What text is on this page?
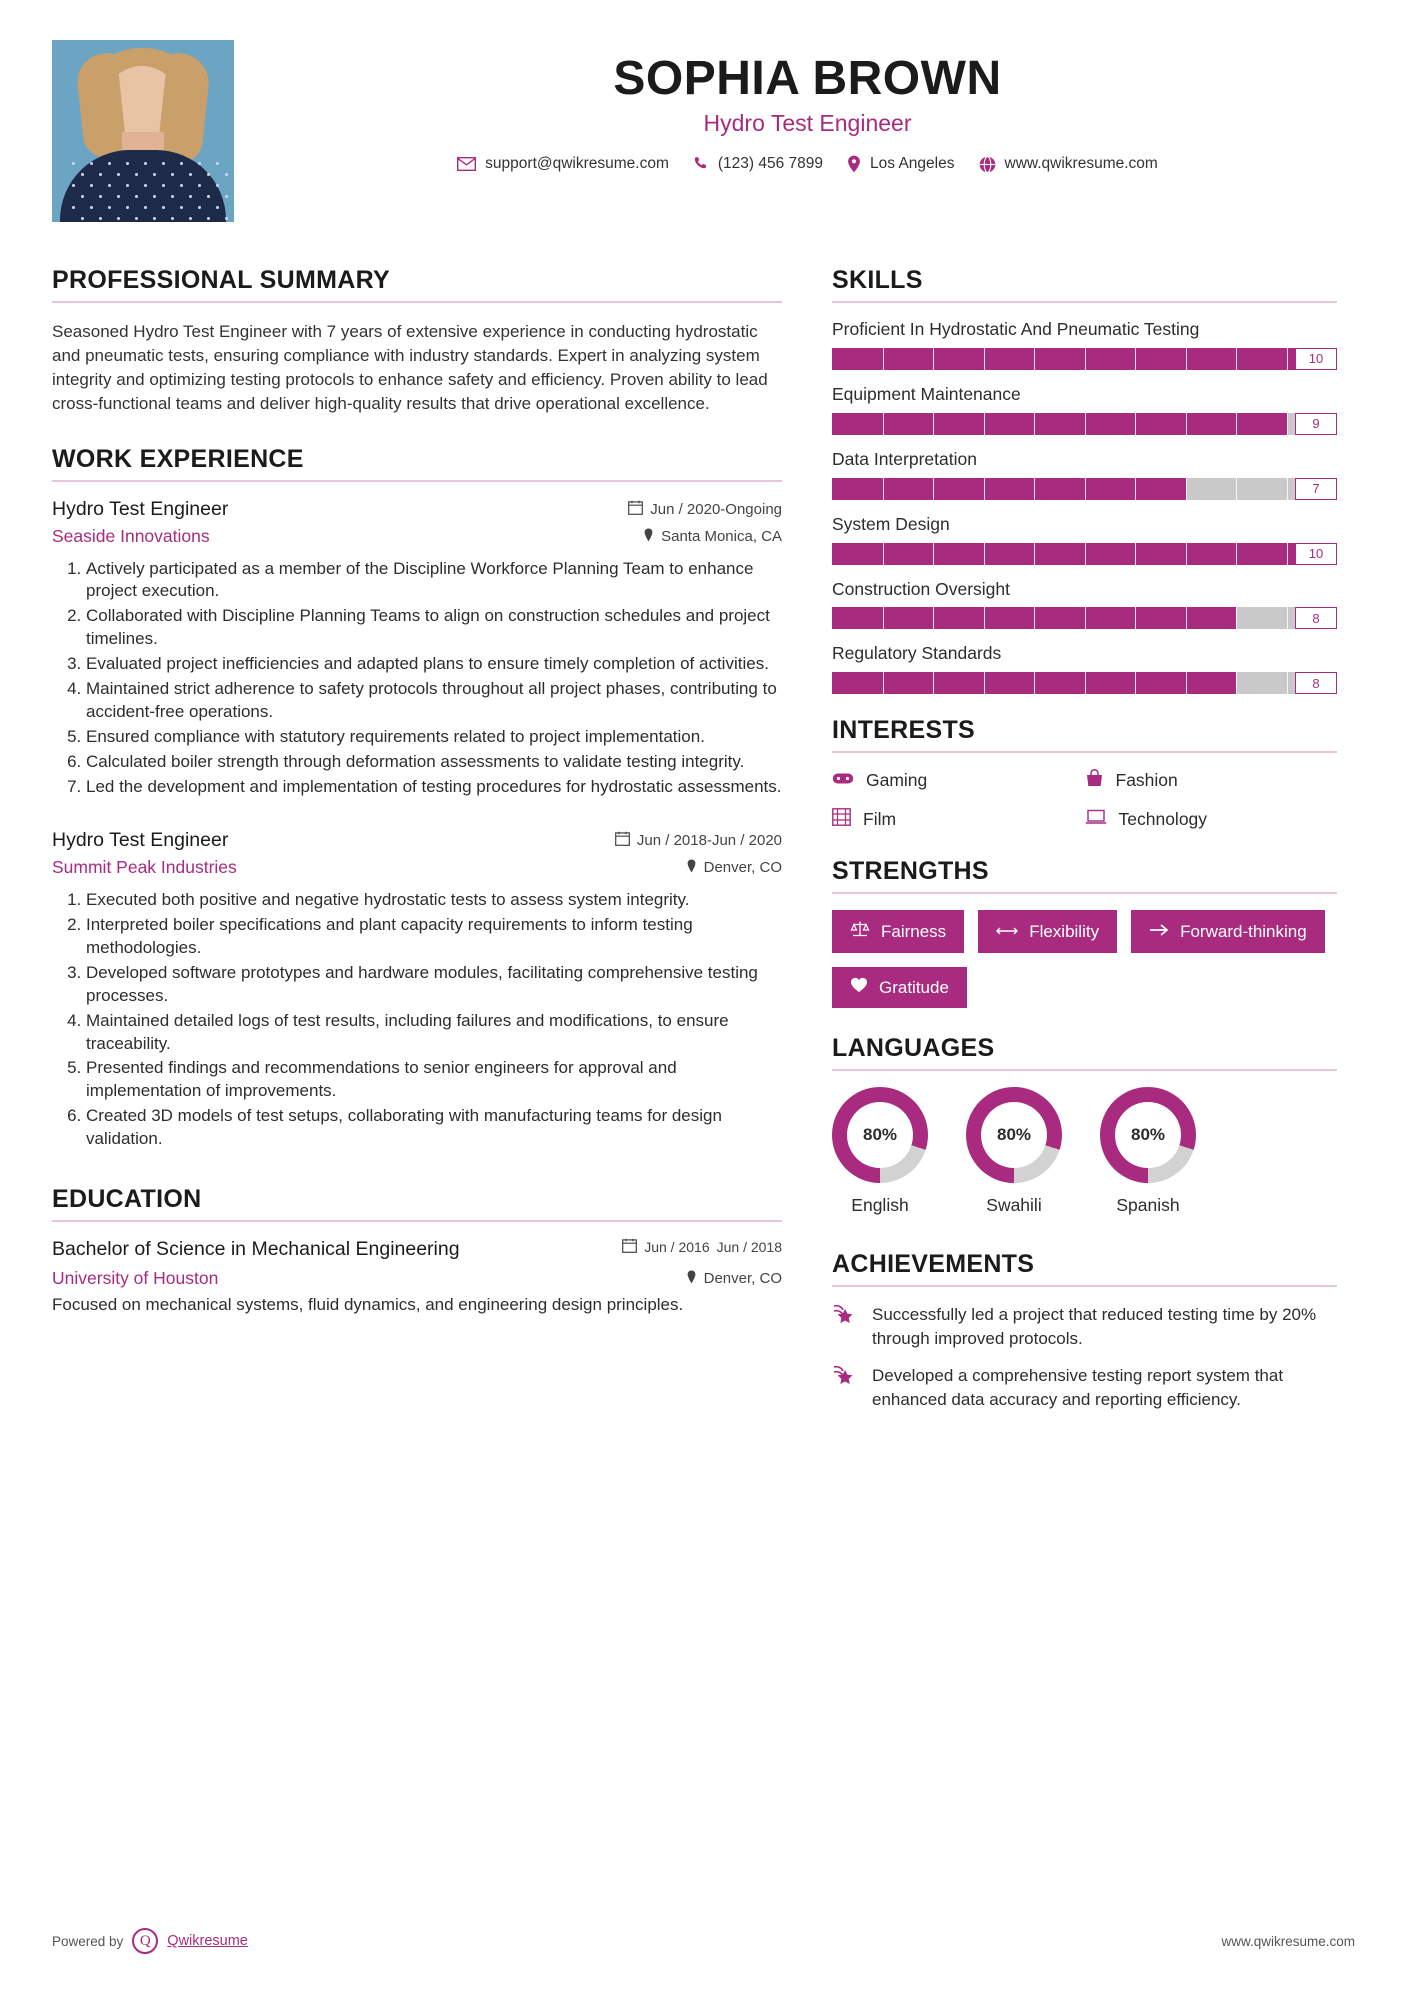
SOPHIA BROWN
Hydro Test Engineer
support@qwikresume.com	(123) 456 7899	Los Angeles	www.qwikresume.com
PROFESSIONAL SUMMARY

Seasoned Hydro Test Engineer with 7 years of extensive experience in conducting hydrostatic and pneumatic tests, ensuring compliance with industry standards. Expert in analyzing system integrity and optimizing testing protocols to enhance safety and efficiency. Proven ability to lead cross-functional teams and deliver high-quality results that drive operational excellence.

WORK EXPERIENCE
Hydro Test Engineer	Jun / 2020-Ongoing
Seaside Innovations	Santa Monica, CA
1. Actively participated as a member of the Discipline Workforce Planning Team to enhance project execution.
2. Collaborated with Discipline Planning Teams to align on construction schedules and project timelines.
3. Evaluated project inefficiencies and adapted plans to ensure timely completion of activities.
4. Maintained strict adherence to safety protocols throughout all project phases, contributing to accident-free operations.
5. Ensured compliance with statutory requirements related to project implementation.
6. Calculated boiler strength through deformation assessments to validate testing integrity.
7. Led the development and implementation of testing procedures for hydrostatic assessments.
Hydro Test Engineer	Jun / 2018-Jun / 2020
Summit Peak Industries	Denver, CO
1. Executed both positive and negative hydrostatic tests to assess system integrity.
2. Interpreted boiler specifications and plant capacity requirements to inform testing methodologies.
3. Developed software prototypes and hardware modules, facilitating comprehensive testing processes.
4. Maintained detailed logs of test results, including failures and modifications, to ensure traceability.
5. Presented findings and recommendations to senior engineers for approval and implementation of improvements.
6. Created 3D models of test setups, collaborating with manufacturing teams for design validation.
EDUCATION
Bachelor of Science in Mechanical Engineering	Jun / 2016 Jun / 2018
University of Houston	Denver, CO
Focused on mechanical systems, fluid dynamics, and engineering design principles.
SKILLS
Proficient In Hydrostatic And Pneumatic Testing
10
Equipment Maintenance
9
Data Interpretation
7
System Design
10
Construction Oversight
8
Regulatory Standards
8
INTERESTS
Gaming	Fashion
Film	Technology
STRENGTHS
Fairness	Flexibility	Forward-thinking
Gratitude
LANGUAGES
80%
English
80%
Swahili
80%
Spanish
ACHIEVEMENTS
Successfully led a project that reduced testing time by 20% through improved protocols.
Developed a comprehensive testing report system that enhanced data accuracy and reporting efficiency.
Powered by	Q	Qwikresume	www.qwikresume.com
